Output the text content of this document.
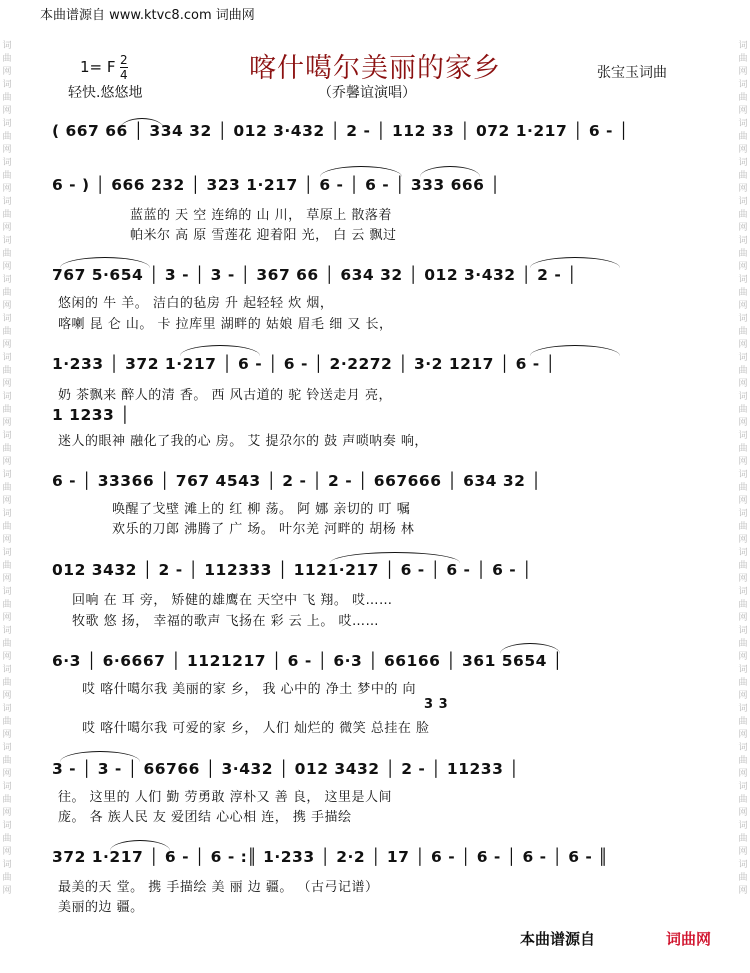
词
曲
网
词
曲
网
词
曲
网
词
曲
网
词
曲
网
词
曲
网
词
曲
网
词
曲
网
词
曲
网
词
曲
网
词
曲
网
词
曲
网
词
曲
网
词
曲
网
词
曲
网
词
曲
网
词
曲
网
词
曲
网
词
曲
网
词
曲
网
词
曲
网
词
曲
网
词
曲
网
词
曲
网
词
曲
网
词
曲
网
词
曲
网
词
曲
网
词
曲
网
词
曲
网
词
曲
网
词
曲
网
词
曲
网
词
曲
网
词
曲
网
词
曲
网
词
曲
网
词
曲
网
词
曲
网
词
曲
网
词
曲
网
词
曲
网
词
曲
网
词
曲
网
本曲谱源自 www.ktvc8.com 词曲网
喀什噶尔美丽的家乡
1= F 2
4
轻快.悠悠地	（乔馨谊演唱）
张宝玉词曲
( 667 66 │ 334 32 │ 012 3·432 │ 2 - │ 112 33 │ 072 1·217 │ 6 - │
6 - ) │ 666 232 │ 323 1·217 │ 6 - │ 6 - │ 333 666 │
蓝蓝的 天 空 连绵的 山 川， 草原上 散落着
帕米尔 高 原 雪莲花 迎着阳 光， 白 云 飘过
767 5·654 │ 3 - │ 3 - │ 367 66 │ 634 32 │ 012 3·432 │ 2 - │
悠闲的 牛 羊。 洁白的毡房 升 起轻轻 炊 烟，
喀喇 昆 仑 山。 卡 拉库里 湖畔的 姑娘 眉毛 细 又 长，
1·233 │ 372 1·217 │ 6 - │ 6 - │ 2·2272 │ 3·2 1217 │ 6 - │
奶 茶飘来 醉人的清 香。 西 风古道的 驼 铃送走月 亮，
1 1233 │
迷人的眼神 融化了我的心 房。 艾 提尕尔的 鼓 声唢呐奏 响，
6 - │ 33366 │ 767 4543 │ 2 - │ 2 - │ 667666 │ 634 32 │
唤醒了戈壁 滩上的 红 柳 荡。 阿 娜 亲切的 叮 嘱
欢乐的刀郎 沸腾了 广 场。 叶尔羌 河畔的 胡杨 林
012 3432 │ 2 - │ 112333 │ 1121·217 │ 6 - │ 6 - │ 6 - │
回响 在 耳 旁， 矫健的雄鹰在 天空中 飞 翔。 哎……
牧歌 悠 扬， 幸福的歌声 飞扬在 彩 云 上。 哎……
6·3 │ 6·6667 │ 1121217 │ 6 - │ 6·3 │ 66166 │ 361 5654 │
哎 喀什噶尔我 美丽的家 乡， 我 心中的 净土 梦中的 向
3 3
哎 喀什噶尔我 可爱的家 乡， 人们 灿烂的 微笑 总挂在 脸
3 - │ 3 - │ 66766 │ 3·432 │ 012 3432 │ 2 - │ 11233 │
往。 这里的 人们 勤 劳勇敢 淳朴又 善 良， 这里是人间
庞。 各 族人民 友 爱团结 心心相 连， 携 手描绘
372 1·217 │ 6 - │ 6 - :║ 1·233 │ 2·2 │ 17 │ 6 - │ 6 - │ 6 - │ 6 - ║
最美的天 堂。 携 手描绘 美 丽 边 疆。 （古弓记谱）
美丽的边 疆。
本曲谱源自	词曲网
